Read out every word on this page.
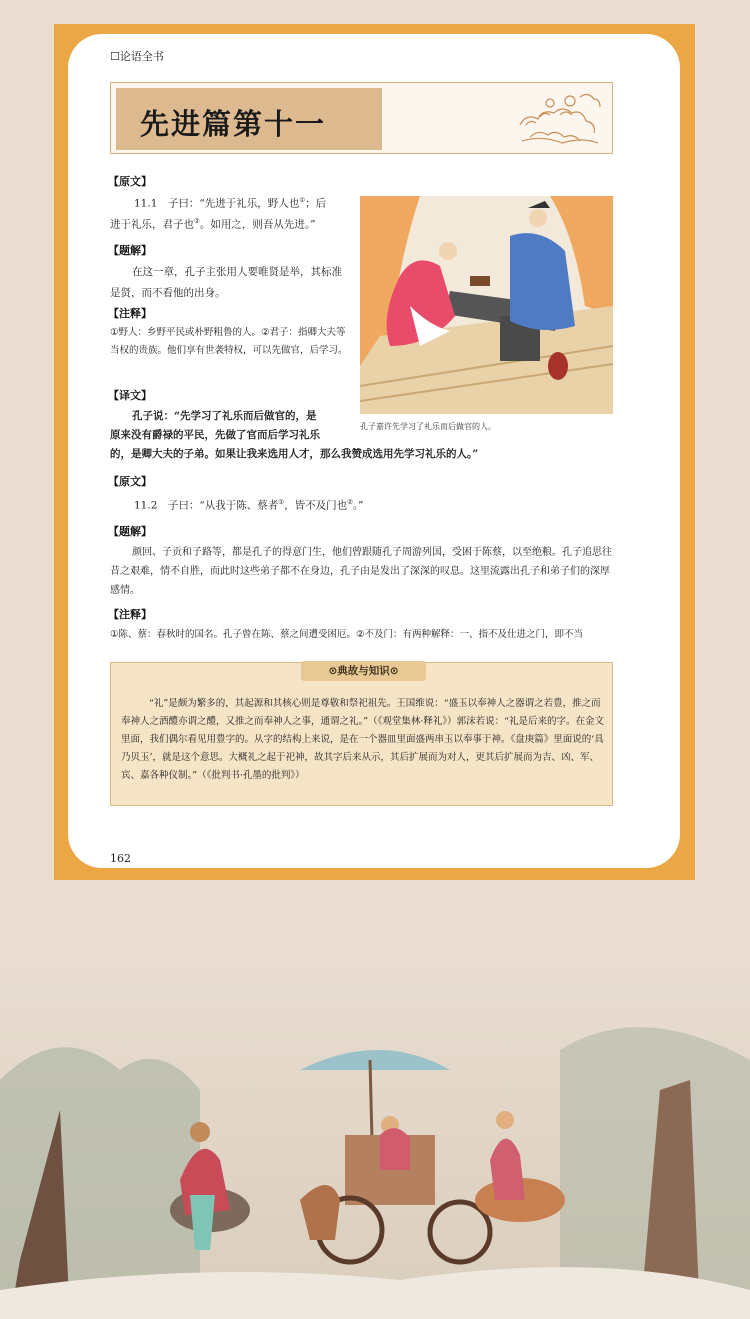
☐论语全书
先进篇第十一
【原文】
11.1　子曰：“先进于礼乐，野人也①；后
进于礼乐，君子也②。如用之，则吾从先进。”
【题解】
在这一章，孔子主张用人要唯贤是举，其标准是贤，而不看他的出身。
【注释】
①野人：乡野平民或朴野粗鲁的人。②君子：指卿大夫等当权的贵族。他们享有世袭特权，可以先做官，后学习。
【译文】
孔子说：“先学习了礼乐而后做官的，是
原来没有爵禄的平民，先做了官而后学习礼乐
的，是卿大夫的子弟。如果让我来选用人才，那么我赞成选用先学习礼乐的人。”
孔子嘉许先学习了礼乐而后做官的人。
【原文】
11.2　子曰：“从我于陈、蔡者①，皆不及门也②。”
【题解】
颜回、子贡和子路等，都是孔子的得意门生，他们曾跟随孔子周游列国，受困于陈蔡，以至绝粮。孔子追思往昔之艰难，情不自胜，而此时这些弟子都不在身边，孔子由是发出了深深的叹息。这里流露出孔子和弟子们的深厚感情。
【注释】
①陈、蔡：春秋时的国名。孔子曾在陈、蔡之间遭受困厄。②不及门：有两种解释：一、指不及仕进之门，即不当
⊙典故与知识⊙
“礼”是颇为繁多的，其起源和其核心则是尊敬和祭祀祖先。王国维说：“盛玉以奉神人之器谓之若豊，推之而奉神人之酒醴亦谓之醴，又推之而奉神人之事，通谓之礼。”（《观堂集林·释礼》）郭沫若说：“礼是后来的字。在金文里面，我们偶尔看见用豊字的。从字的结构上来说，是在一个器皿里面盛两串玉以奉事于神。《盘庚篇》里面说的‘具乃贝玉’，就是这个意思。大概礼之起于祀神，故其字后来从示，其后扩展而为对人，更其后扩展而为吉、凶、军、宾、嘉各种仪制。”（《批判书·孔墨的批判》）
162
